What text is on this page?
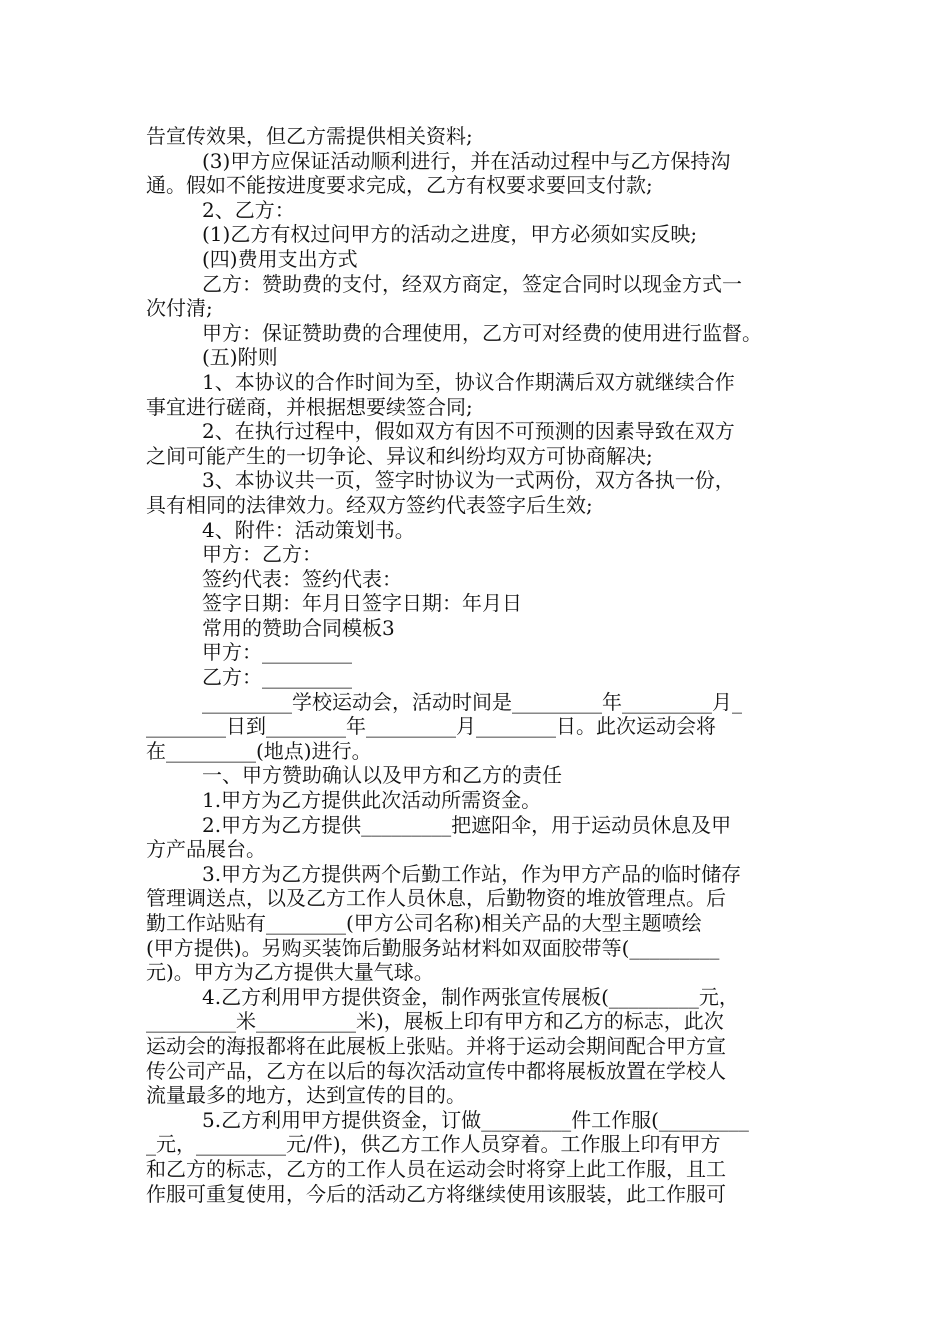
告宣传效果，但乙方需提供相关资料;
(3)甲方应保证活动顺利进行，并在活动过程中与乙方保持沟
通。假如不能按进度要求完成，乙方有权要求要回支付款;
2、乙方：
(1)乙方有权过问甲方的活动之进度，甲方必须如实反映;
(四)费用支出方式
乙方：赞助费的支付，经双方商定，签定合同时以现金方式一
次付清;
甲方：保证赞助费的合理使用，乙方可对经费的使用进行监督。
(五)附则
1、本协议的合作时间为至，协议合作期满后双方就继续合作
事宜进行磋商，并根据想要续签合同;
2、在执行过程中，假如双方有因不可预测的因素导致在双方
之间可能产生的一切争论、异议和纠纷均双方可协商解决;
3、本协议共一页，签字时协议为一式两份，双方各执一份，
具有相同的法律效力。经双方签约代表签字后生效;
4、附件：活动策划书。
甲方：乙方：
签约代表：签约代表：
签字日期：年月日签字日期：年月日
常用的赞助合同模板3
甲方：_________
乙方：_________
_________学校运动会，活动时间是_________年_________月_
________日到________年_________月________日。此次运动会将
在_________(地点)进行。
一、甲方赞助确认以及甲方和乙方的责任
1.甲方为乙方提供此次活动所需资金。
2.甲方为乙方提供_________把遮阳伞，用于运动员休息及甲
方产品展台。
3.甲方为乙方提供两个后勤工作站，作为甲方产品的临时储存
管理调送点，以及乙方工作人员休息，后勤物资的堆放管理点。后
勤工作站贴有________(甲方公司名称)相关产品的大型主题喷绘
(甲方提供)。另购买装饰后勤服务站材料如双面胶带等(_________
元)。甲方为乙方提供大量气球。
4.乙方利用甲方提供资金，制作两张宣传展板(_________元，
_________米__________米)，展板上印有甲方和乙方的标志，此次
运动会的海报都将在此展板上张贴。并将于运动会期间配合甲方宣
传公司产品，乙方在以后的每次活动宣传中都将展板放置在学校人
流量最多的地方，达到宣传的目的。
5.乙方利用甲方提供资金，订做_________件工作服(_________
_元，_________元/件)，供乙方工作人员穿着。工作服上印有甲方
和乙方的标志，乙方的工作人员在运动会时将穿上此工作服，且工
作服可重复使用，今后的活动乙方将继续使用该服装，此工作服可
